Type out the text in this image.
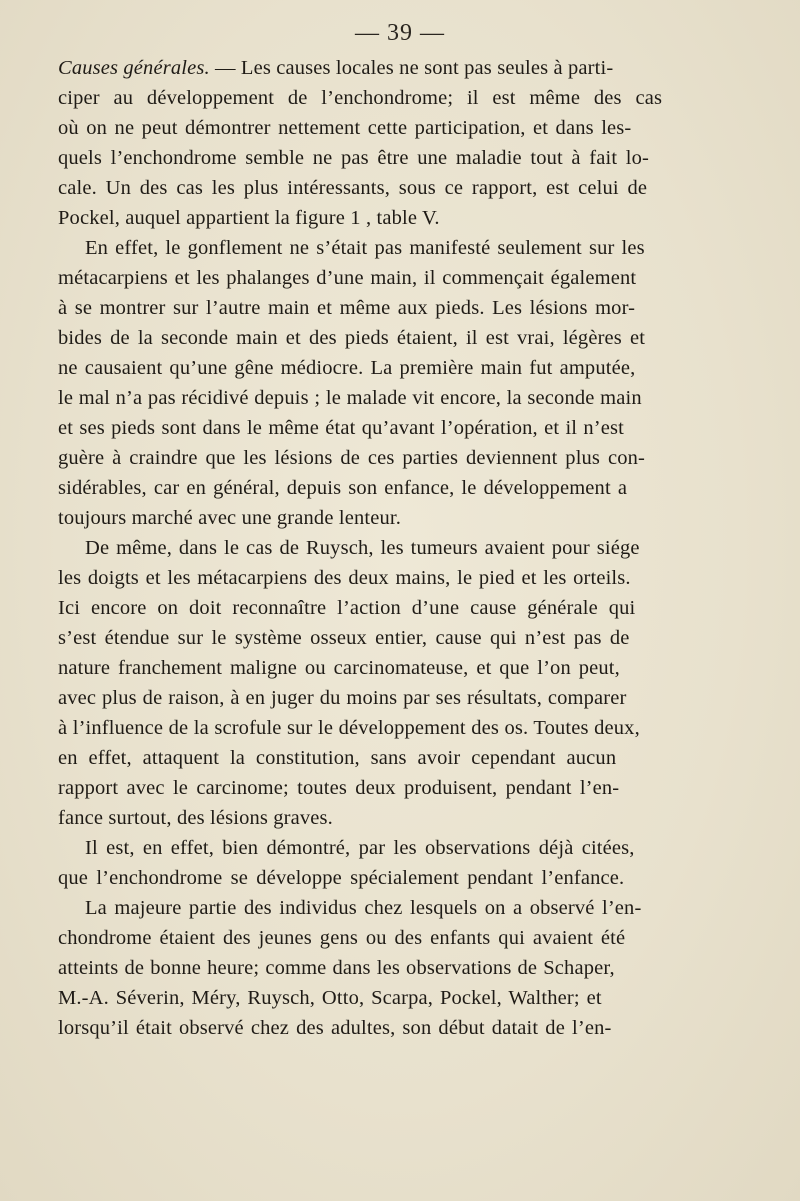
— 39 —
Causes générales. — Les causes locales ne sont pas seules à parti-
ciper au développement de l’enchondrome; il est même des cas
où on ne peut démontrer nettement cette participation, et dans les-
quels l’enchondrome semble ne pas être une maladie tout à fait lo-
cale. Un des cas les plus intéressants, sous ce rapport, est celui de
Pockel, auquel appartient la figure 1 , table V.
En effet, le gonflement ne s’était pas manifesté seulement sur les
métacarpiens et les phalanges d’une main, il commençait également
à se montrer sur l’autre main et même aux pieds. Les lésions mor-
bides de la seconde main et des pieds étaient, il est vrai, légères et
ne causaient qu’une gêne médiocre. La première main fut amputée,
le mal n’a pas récidivé depuis ; le malade vit encore, la seconde main
et ses pieds sont dans le même état qu’avant l’opération, et il n’est
guère à craindre que les lésions de ces parties deviennent plus con-
sidérables, car en général, depuis son enfance, le développement a
toujours marché avec une grande lenteur.
De même, dans le cas de Ruysch, les tumeurs avaient pour siége
les doigts et les métacarpiens des deux mains, le pied et les orteils.
Ici encore on doit reconnaître l’action d’une cause générale qui
s’est étendue sur le système osseux entier, cause qui n’est pas de
nature franchement maligne ou carcinomateuse, et que l’on peut,
avec plus de raison, à en juger du moins par ses résultats, comparer
à l’influence de la scrofule sur le développement des os. Toutes deux,
en effet, attaquent la constitution, sans avoir cependant aucun
rapport avec le carcinome; toutes deux produisent, pendant l’en-
fance surtout, des lésions graves.
Il est, en effet, bien démontré, par les observations déjà citées,
que l’enchondrome se développe spécialement pendant l’enfance.
La majeure partie des individus chez lesquels on a observé l’en-
chondrome étaient des jeunes gens ou des enfants qui avaient été
atteints de bonne heure; comme dans les observations de Schaper,
M.-A. Séverin, Méry, Ruysch, Otto, Scarpa, Pockel, Walther; et
lorsqu’il était observé chez des adultes, son début datait de l’en-
